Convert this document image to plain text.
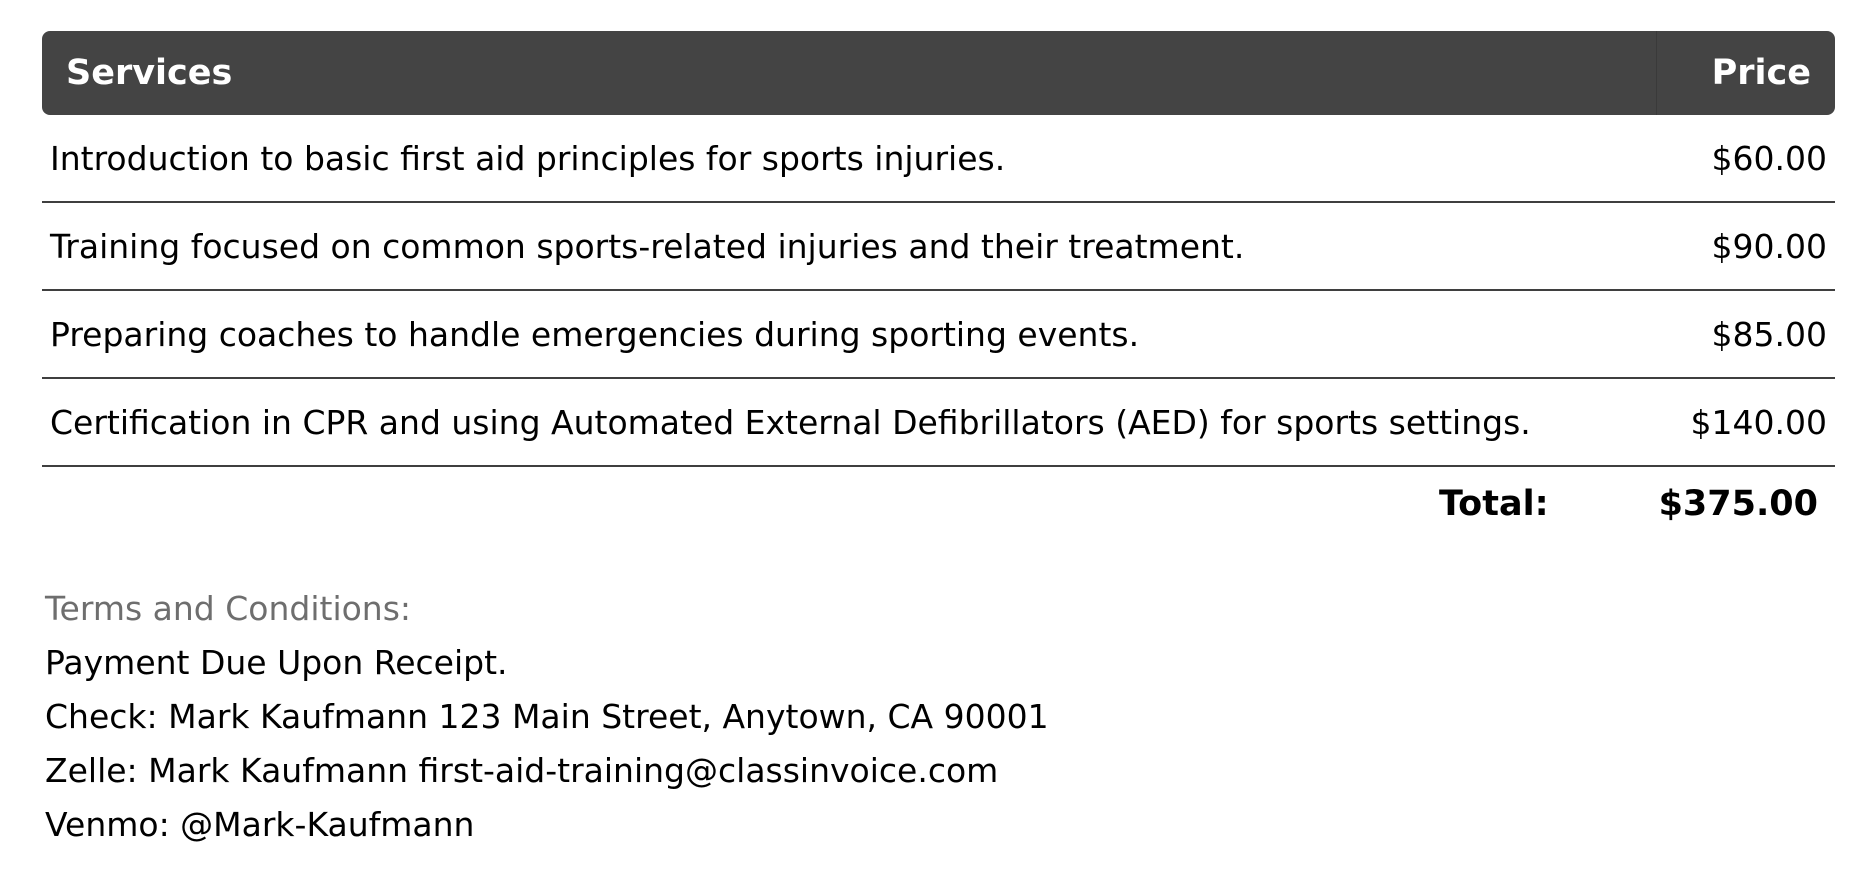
Services	Price
Introduction to basic first aid principles for sports injuries.	$60.00
Training focused on common sports-related injuries and their treatment.	$90.00
Preparing coaches to handle emergencies during sporting events.	$85.00
Certification in CPR and using Automated External Defibrillators (AED) for sports settings.	$140.00
Total:	$375.00
Terms and Conditions:
Payment Due Upon Receipt.
Check: Mark Kaufmann 123 Main Street, Anytown, CA 90001
Zelle: Mark Kaufmann first-aid-training@classinvoice.com
Venmo: @Mark-Kaufmann
